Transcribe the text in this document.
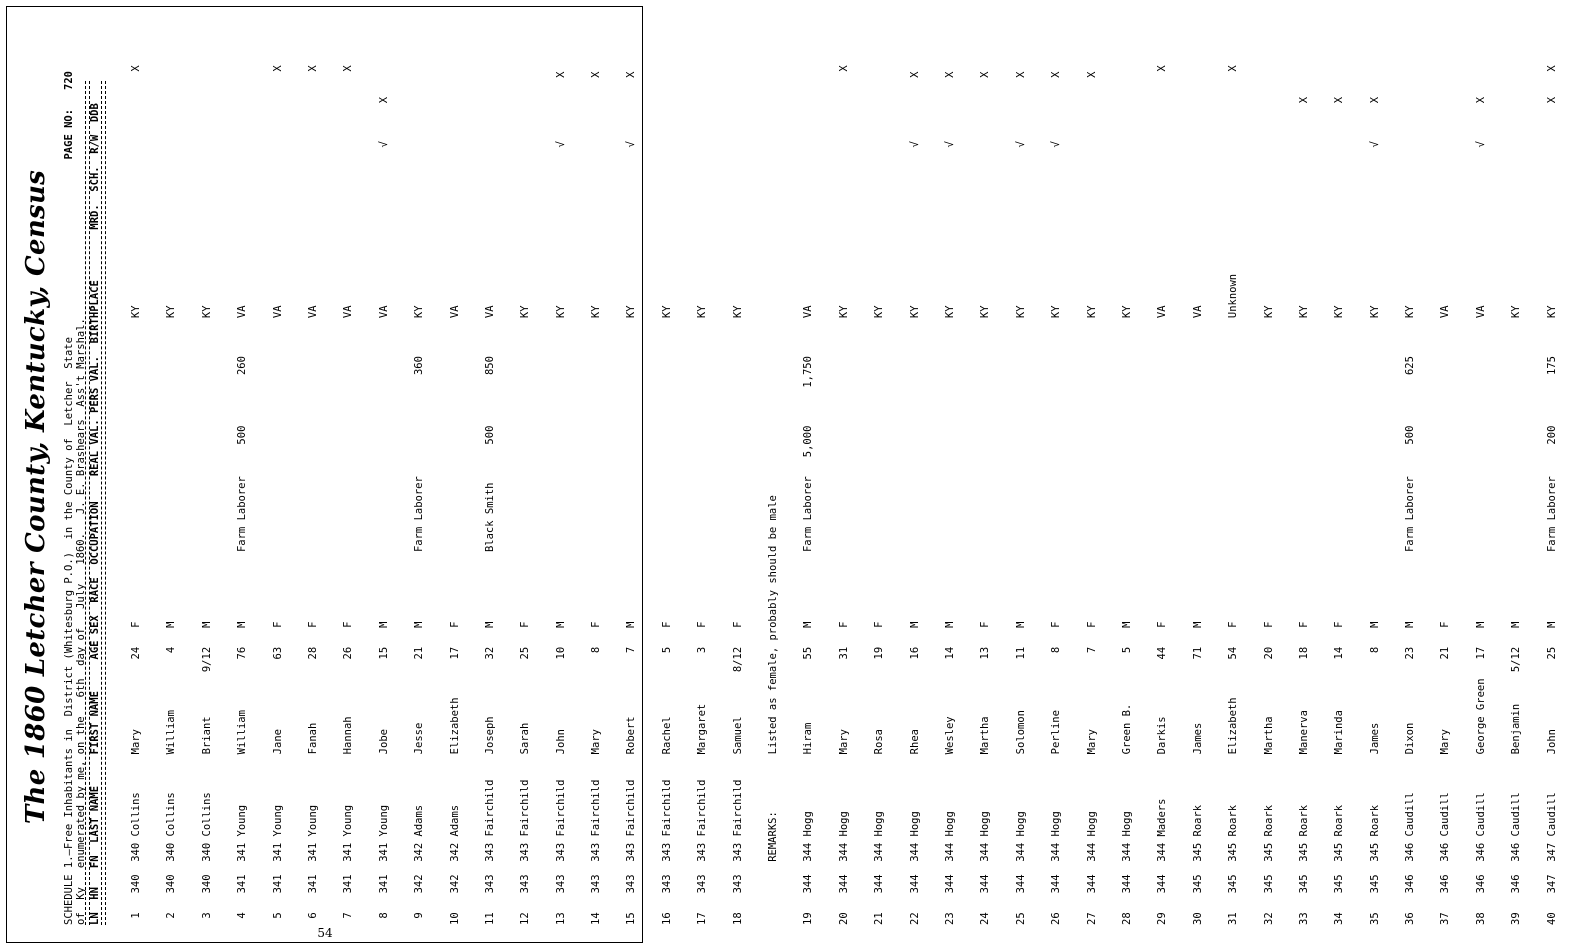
The 1860 Letcher County, Kentucky, Census SCHEDULE 1.—Free Inhabitants in  District (Whitesburg P.O.)  in the County of  Letcher  State of  Ky   enumerated by me, on the   6th  day of   July   1860.   J. E. Brashears  Ass't Marshal.
PAGE NO:   720 LN  HN   FN  LAST NAME     FIRST NAME     AGE SEX  RACE  OCCUPATION    REAL VAL. PERS VAL.  BIRTHPLACE        MRD.  SCH.  R/W  DDB

	1   340  340 Collins      Mary           24   F                                                KY                                     X

2   340  340 Collins      William         4   M                                                KY

3   340  340 Collins      Briant       9/12   M                                                KY

4   341  341 Young        William        76   M           Farm Laborer     500        260      VA

5   341  341 Young        Jane           63   F                                                VA                                     X

6   341  341 Young        Fanah          28   F                                                VA                                     X

7   341  341 Young        Hannah         26   F                                                VA                                     X

8   341  341 Young        Jobe           15   M                                                VA                         √      X

9   342  342 Adams        Jesse          21   M           Farm Laborer                360      KY

10   342  342 Adams        Elizabeth      17   F                                                VA

11   343  343 Fairchild    Joseph         32   M           Black Smith      500        850      VA

12   343  343 Fairchild    Sarah          25   F                                                KY

13   343  343 Fairchild    John           10   M                                                KY                         √          X

14   343  343 Fairchild    Mary            8   F                                                KY                                    X

15   343  343 Fairchild    Robert          7   M                                                KY                         √          X

16   343  343 Fairchild    Rachel          5   F                                                KY

17   343  343 Fairchild    Margaret        3   F                                                KY

18   343  343 Fairchild    Samuel       8/12   F                                                KY

REMARKS:         Listed as female, probably should be male

19   344  344 Hogg         Hiram          55   M           Farm Laborer   5,000      1,750      VA

20   344  344 Hogg         Mary           31   F                                                KY                                     X

21   344  344 Hogg         Rosa           19   F                                                KY

22   344  344 Hogg         Rhea           16   M                                                KY                         √          X

23   344  344 Hogg         Wesley         14   M                                                KY                         √          X

24   344  344 Hogg         Martha         13   F                                                KY                                    X

25   344  344 Hogg         Solomon        11   M                                                KY                         √          X

26   344  344 Hogg         Perline         8   F                                                KY                         √          X

27   344  344 Hogg         Mary            7   F                                                KY                                    X

28   344  344 Hogg         Green B.        5   M                                                KY

29   344  344 Maders       Darkis         44   F                                                VA                                     X

30   345  345 Roark        James          71   M                                                VA

31   345  345 Roark        Elizabeth      54   F                                                Unknown                                X

32   345  345 Roark        Martha         20   F                                                KY

33   345  345 Roark        Manerva        18   F                                                KY                                X

34   345  345 Roark        Marinda        14   F                                                KY                                X

35   345  345 Roark        James           8   M                                                KY                         √      X

36   346  346 Caudill      Dixon          23   M           Farm Laborer     500        625      KY

37   346  346 Caudill      Mary           21   F                                                VA

38   346  346 Caudill      George Green   17   M                                                VA                         √      X

39   346  346 Caudill      Benjamin     5/12   M                                                KY

40   347  347 Caudill      John           25   M           Farm Laborer     200        175      KY                                X    X

54
